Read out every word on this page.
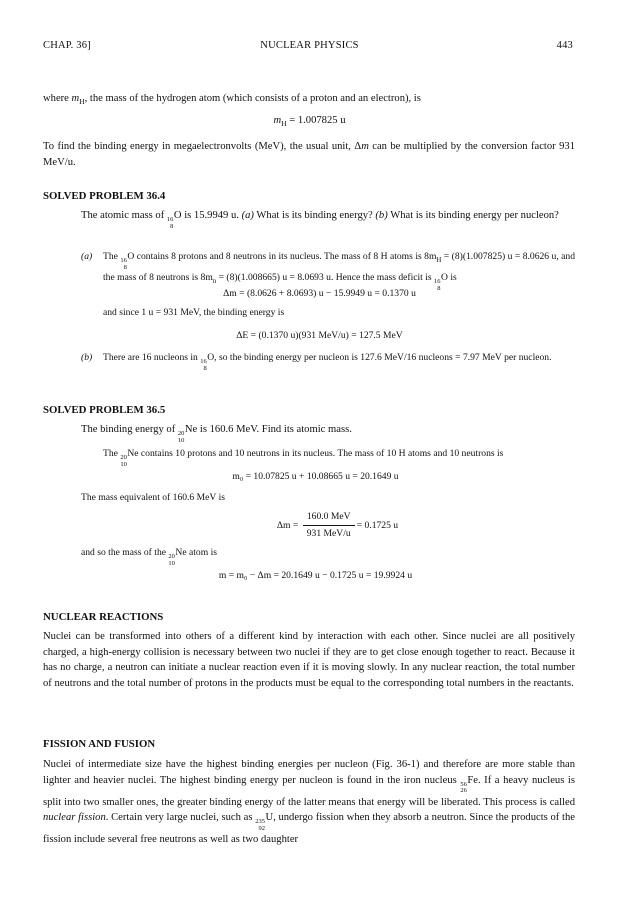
CHAP. 36]	NUCLEAR PHYSICS	443

where $m_H$, the mass of the hydrogen atom (which consists of a proton and an electron), is

$m_H = 1.007825$ u

To find the binding energy in megaelectronvolts (MeV), the usual unit, Δm can be multiplied by the conversion factor 931 MeV/u.

SOLVED PROBLEM 36.4

The atomic mass of 16
8
O is 15.9949 u. (a) What is its binding energy? (b) What is its binding energy per nucleon?

(a) The 16
8
O contains 8 protons and 8 neutrons in its nucleus. The mass of 8 H atoms is $8m_H = (8)(1.007825) u = 8.0626$ u, and the mass of 8 neutrons is $8m_n = (8)(1.008665) u = 8.0693$ u. Hence the mass deficit is 16
8
O is

Δm = (8.0626 + 8.0693) u − 15.9949 u = 0.1370 u

and since 1 u = 931 MeV, the binding energy is

ΔE = (0.1370 u)(931 MeV/u) = 127.5 MeV
(b) There are 16 nucleons in 16
8
O, so the binding energy per nucleon is 127.6 MeV/16 nucleons = 7.97 MeV per nucleon.

SOLVED PROBLEM 36.5

The binding energy of 20
10
Ne is 160.6 MeV. Find its atomic mass.

The 20
10
Ne contains 10 protons and 10 neutrons in its nucleus. The mass of 10 H atoms and 10 neutrons is

m₀ = 10.07825 u + 10.08665 u = 20.1649 u

The mass equivalent of 160.6 MeV is

$\Delta m = \frac{\text{160.0 MeV}}{\text{931 MeV/u}} = 0.1725$ u

and so the mass of the 20
10
Ne atom is

m = m₀ − Δm = 20.1649 u − 0.1725 u = 19.9924 u
NUCLEAR REACTIONS

Nuclei can be transformed into others of a different kind by interaction with each other. Since nuclei are all positively charged, a high-energy collision is necessary between two nuclei if they are to get close enough together to react. Because it has no charge, a neutron can initiate a nuclear reaction even if it is moving slowly. In any nuclear reaction, the total number of neutrons and the total number of protons in the products must be equal to the corresponding total numbers in the reactants.

FISSION AND FUSION

Nuclei of intermediate size have the highest binding energies per nucleon (Fig. 36-1) and therefore are more stable than lighter and heavier nuclei. The highest binding energy per nucleon is found in the iron nucleus 56
26
Fe. If a heavy nucleus is split into two smaller ones, the greater binding energy of the latter means that energy will be liberated. This process is called nuclear fission. Certain very large nuclei, such as 235
92
U, undergo fission when they absorb a neutron. Since the products of the fission include several free neutrons as well as two daughter
